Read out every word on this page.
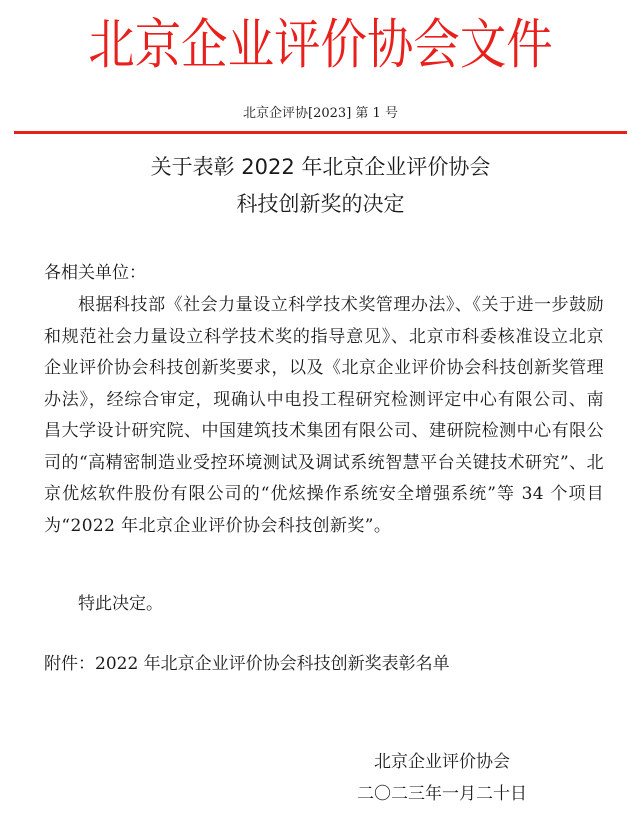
北京企业评价协会文件
北京企评协[2023] 第 1 号
关于表彰 2022 年北京企业评价协会
科技创新奖的决定
各相关单位：
根据科技部《社会力量设立科学技术奖管理办法》、《关于进一步鼓励和规范社会力量设立科学技术奖的指导意见》、北京市科委核准设立北京企业评价协会科技创新奖要求，以及《北京企业评价协会科技创新奖管理办法》，经综合审定，现确认中电投工程研究检测评定中心有限公司、南昌大学设计研究院、中国建筑技术集团有限公司、建研院检测中心有限公司的“高精密制造业受控环境测试及调试系统智慧平台关键技术研究”、北京优炫软件股份有限公司的“优炫操作系统安全增强系统”等 34 个项目为“2022 年北京企业评价协会科技创新奖”。
特此决定。
附件：2022 年北京企业评价协会科技创新奖表彰名单
北京企业评价协会
二〇二三年一月二十日
